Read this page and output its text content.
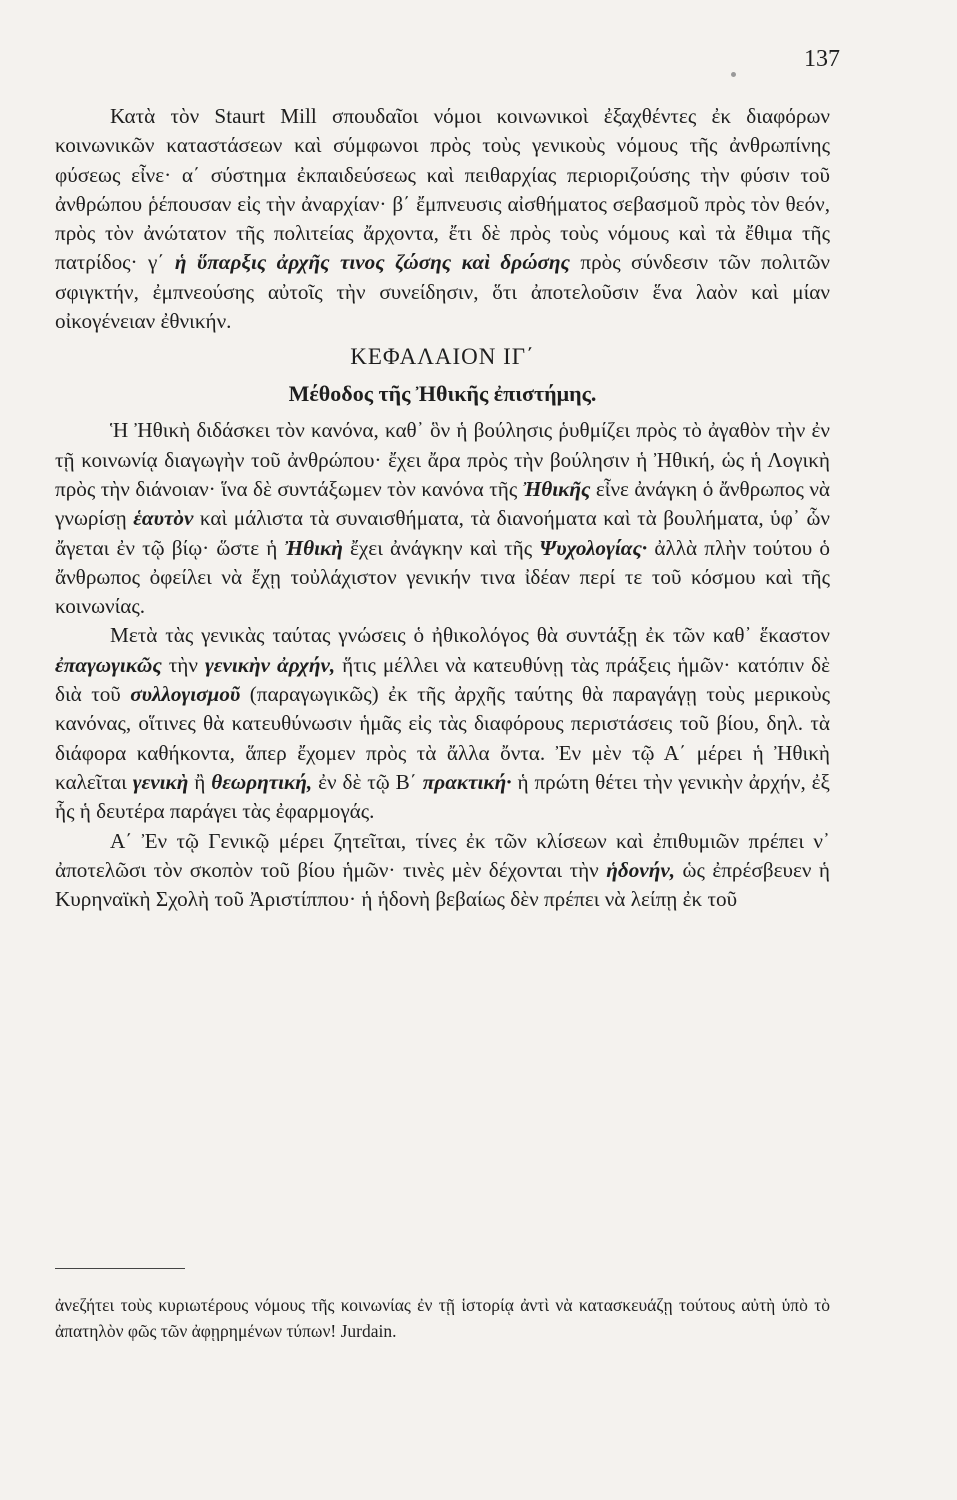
137

Κατὰ τὸν Staurt Mill σπουδαῖοι νόμοι κοινωνικοὶ ἐξαχθέντες ἐκ διαφόρων κοινωνικῶν καταστάσεων καὶ σύμφωνοι πρὸς τοὺς γενικοὺς νόμους τῆς ἀνθρωπίνης φύσεως εἶνε· α΄ σύστημα ἐκπαιδεύσεως καὶ πειθαρχίας περιοριζούσης τὴν φύσιν τοῦ ἀνθρώπου ῥέπουσαν εἰς τὴν ἀναρχίαν· β΄ ἔμπνευσις αἰσθήματος σεβασμοῦ πρὸς τὸν θεόν, πρὸς τὸν ἀνώτατον τῆς πολιτείας ἄρχοντα, ἔτι δὲ πρὸς τοὺς νόμους καὶ τὰ ἔθιμα τῆς πατρίδος· γ΄ ἡ ὕπαρξις ἀρχῆς τινος ζώσης καὶ δρώσης πρὸς σύνδεσιν τῶν πολιτῶν σφιγκτήν, ἐμπνεούσης αὐτοῖς τὴν συνείδησιν, ὅτι ἀποτελοῦσιν ἕνα λαὸν καὶ μίαν οἰκογένειαν ἐθνικήν.

ΚΕΦΑΛΑΙΟΝ ΙΓ΄
Μέθοδος τῆς Ἠθικῆς ἐπιστήμης.

Ἡ Ἠθικὴ διδάσκει τὸν κανόνα, καθ᾽ ὃν ἡ βούλησις ῥυθμίζει πρὸς τὸ ἀγαθὸν τὴν ἐν τῇ κοινωνίᾳ διαγωγὴν τοῦ ἀνθρώπου· ἔχει ἄρα πρὸς τὴν βούλησιν ἡ Ἠθική, ὡς ἡ Λογικὴ πρὸς τὴν διάνοιαν· ἵνα δὲ συντάξωμεν τὸν κανόνα τῆς Ἠθικῆς εἶνε ἀνάγκη ὁ ἄνθρωπος νὰ γνωρίσῃ ἑαυτὸν καὶ μάλιστα τὰ συναισθήματα, τὰ διανοήματα καὶ τὰ βουλήματα, ὑφ᾽ ὧν ἄγεται ἐν τῷ βίῳ· ὥστε ἡ Ἠθικὴ ἔχει ἀνάγκην καὶ τῆς Ψυχολογίας· ἀλλὰ πλὴν τούτου ὁ ἄνθρωπος ὀφείλει νὰ ἔχῃ τοὐλάχιστον γενικήν τινα ἰδέαν περί τε τοῦ κόσμου καὶ τῆς κοινωνίας.

Μετὰ τὰς γενικὰς ταύτας γνώσεις ὁ ἠθικολόγος θὰ συντάξῃ ἐκ τῶν καθ᾽ ἕκαστον ἐπαγωγικῶς τὴν γενικὴν ἀρχήν, ἥτις μέλλει νὰ κατευθύνῃ τὰς πράξεις ἡμῶν· κατόπιν δὲ διὰ τοῦ συλλογισμοῦ (παραγωγικῶς) ἐκ τῆς ἀρχῆς ταύτης θὰ παραγάγῃ τοὺς μερικοὺς κανόνας, οἵτινες θὰ κατευθύνωσιν ἡμᾶς εἰς τὰς διαφόρους περιστάσεις τοῦ βίου, δηλ. τὰ διάφορα καθήκοντα, ἅπερ ἔχομεν πρὸς τὰ ἄλλα ὄντα. Ἐν μὲν τῷ Α΄ μέρει ἡ Ἠθικὴ καλεῖται γενικὴ ἢ θεωρητική, ἐν δὲ τῷ Β΄ πρακτική· ἡ πρώτη θέτει τὴν γενικὴν ἀρχήν, ἐξ ἧς ἡ δευτέρα παράγει τὰς ἐφαρμογάς.

Α΄ Ἐν τῷ Γενικῷ μέρει ζητεῖται, τίνες ἐκ τῶν κλίσεων καὶ ἐπιθυμιῶν πρέπει ν᾽ ἀποτελῶσι τὸν σκοπὸν τοῦ βίου ἡμῶν· τινὲς μὲν δέχονται τὴν ἡδονήν, ὡς ἐπρέσβευεν ἡ Κυρηναϊκὴ Σχολὴ τοῦ Ἀριστίππου· ἡ ἡδονὴ βεβαίως δὲν πρέπει νὰ λείπῃ ἐκ τοῦ

ἀνεζήτει τοὺς κυριωτέρους νόμους τῆς κοινωνίας ἐν τῇ ἱστορίᾳ ἀντὶ νὰ κατασκευάζῃ τούτους αὐτὴ ὑπὸ τὸ ἀπατηλὸν φῶς τῶν ἀφῃρημένων τύπων! Jurdain.
